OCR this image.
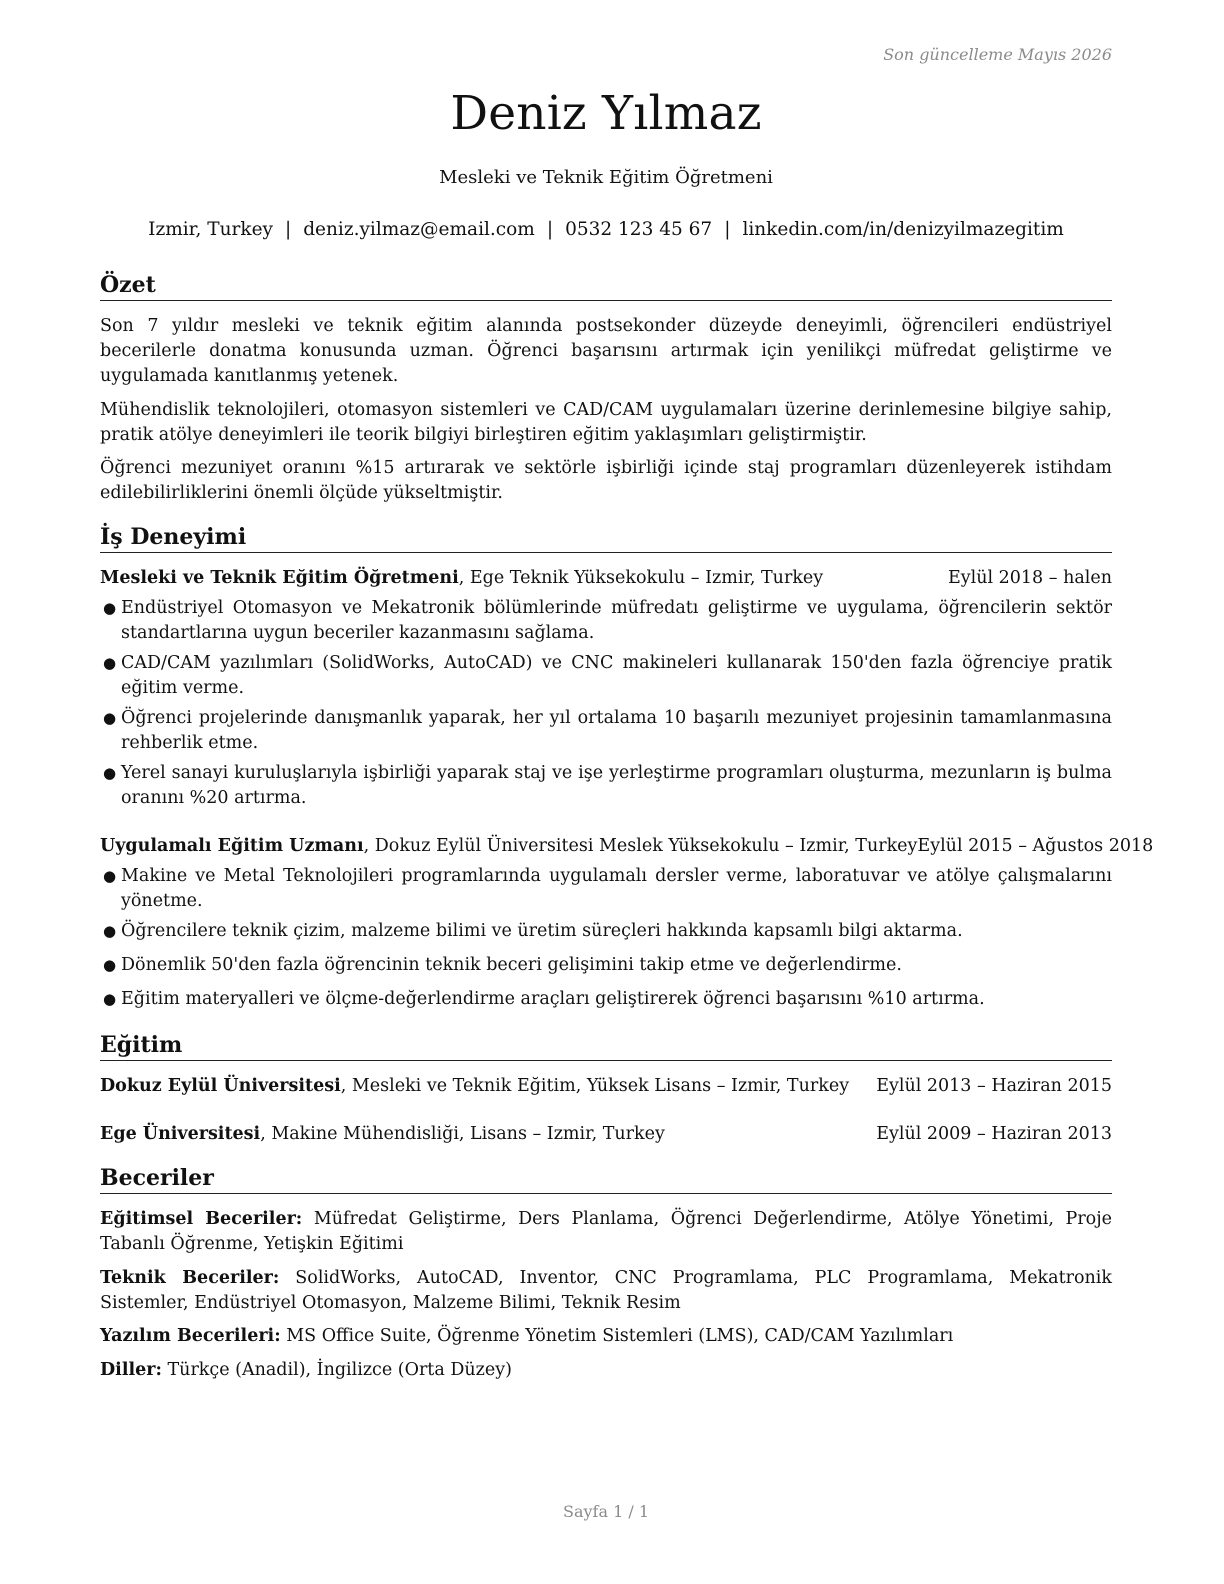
Son güncelleme Mayıs 2026
Deniz Yılmaz
Mesleki ve Teknik Eğitim Öğretmeni
Izmir, Turkey | deniz.yilmaz@email.com | 0532 123 45 67 | linkedin.com/in/denizyilmazegitim
Özet

Son 7 yıldır mesleki ve teknik eğitim alanında postsekonder düzeyde deneyimli, öğrencileri endüstriyel becerilerle donatma konusunda uzman. Öğrenci başarısını artırmak için yenilikçi müfredat geliştirme ve uygulamada kanıtlanmış yetenek.

Mühendislik teknolojileri, otomasyon sistemleri ve CAD/CAM uygulamaları üzerine derinlemesine bilgiye sahip, pratik atölye deneyimleri ile teorik bilgiyi birleştiren eğitim yaklaşımları geliştirmiştir.

Öğrenci mezuniyet oranını %15 artırarak ve sektörle işbirliği içinde staj programları düzenleyerek istihdam edilebilirliklerini önemli ölçüde yükseltmiştir.

İş Deneyimi
Mesleki ve Teknik Eğitim Öğretmeni, Ege Teknik Yüksekokulu – Izmir, Turkey	Eylül 2018 – halen
● Endüstriyel Otomasyon ve Mekatronik bölümlerinde müfredatı geliştirme ve uygulama, öğrencilerin sektör standartlarına uygun beceriler kazanmasını sağlama.
● CAD/CAM yazılımları (SolidWorks, AutoCAD) ve CNC makineleri kullanarak 150'den fazla öğrenciye pratik eğitim verme.
● Öğrenci projelerinde danışmanlık yaparak, her yıl ortalama 10 başarılı mezuniyet projesinin tamamlanmasına rehberlik etme.
● Yerel sanayi kuruluşlarıyla işbirliği yaparak staj ve işe yerleştirme programları oluşturma, mezunların iş bulma oranını %20 artırma.
Uygulamalı Eğitim Uzmanı, Dokuz Eylül Üniversitesi Meslek Yüksekokulu – Izmir, Turkey Eylül 2015 – Ağustos 2018
● Makine ve Metal Teknolojileri programlarında uygulamalı dersler verme, laboratuvar ve atölye çalışmalarını yönetme.
● Öğrencilere teknik çizim, malzeme bilimi ve üretim süreçleri hakkında kapsamlı bilgi aktarma.
● Dönemlik 50'den fazla öğrencinin teknik beceri gelişimini takip etme ve değerlendirme.
● Eğitim materyalleri ve ölçme-değerlendirme araçları geliştirerek öğrenci başarısını %10 artırma.
Eğitim
Dokuz Eylül Üniversitesi, Mesleki ve Teknik Eğitim, Yüksek Lisans – Izmir, Turkey Eylül 2013 – Haziran 2015
Ege Üniversitesi, Makine Mühendisliği, Lisans – Izmir, Turkey	Eylül 2009 – Haziran 2013
Beceriler

Eğitimsel Beceriler: Müfredat Geliştirme, Ders Planlama, Öğrenci Değerlendirme, Atölye Yönetimi, Proje Tabanlı Öğrenme, Yetişkin Eğitimi

Teknik Beceriler: SolidWorks, AutoCAD, Inventor, CNC Programlama, PLC Programlama, Mekatronik Sistemler, Endüstriyel Otomasyon, Malzeme Bilimi, Teknik Resim

Yazılım Becerileri: MS Office Suite, Öğrenme Yönetim Sistemleri (LMS), CAD/CAM Yazılımları

Diller: Türkçe (Anadil), İngilizce (Orta Düzey)

Sayfa 1 / 1
